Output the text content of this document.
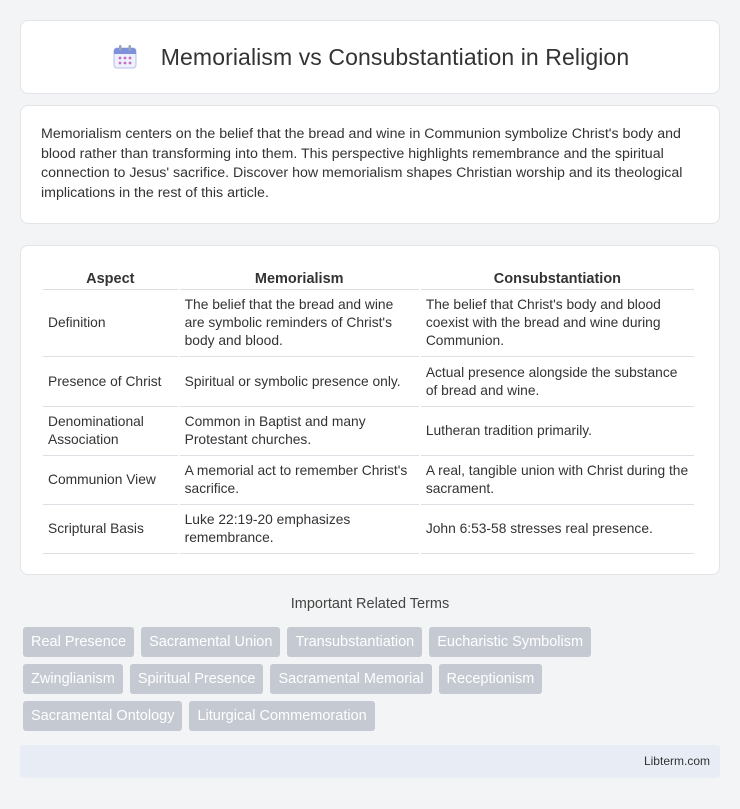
Memorialism vs Consubstantiation in Religion

Memorialism centers on the belief that the bread and wine in Communion symbolize Christ's body and blood rather than transforming into them. This perspective highlights remembrance and the spiritual connection to Jesus' sacrifice. Discover how memorialism shapes Christian worship and its theological implications in the rest of this article.

Aspect	Memorialism	Consubstantiation
Definition	The belief that the bread and wine are symbolic reminders of Christ's body and blood.	The belief that Christ's body and blood coexist with the bread and wine during Communion.
Presence of Christ	Spiritual or symbolic presence only.	Actual presence alongside the substance of bread and wine.
Denominational Association	Common in Baptist and many Protestant churches.	Lutheran tradition primarily.
Communion View	A memorial act to remember Christ's sacrifice.	A real, tangible union with Christ during the sacrament.
Scriptural Basis	Luke 22:19-20 emphasizes remembrance.	John 6:53-58 stresses real presence.
Important Related Terms
Real Presence	Sacramental Union	Transubstantiation	Eucharistic Symbolism
Zwinglianism	Spiritual Presence	Sacramental Memorial	Receptionism
Sacramental Ontology	Liturgical Commemoration
Libterm.com
